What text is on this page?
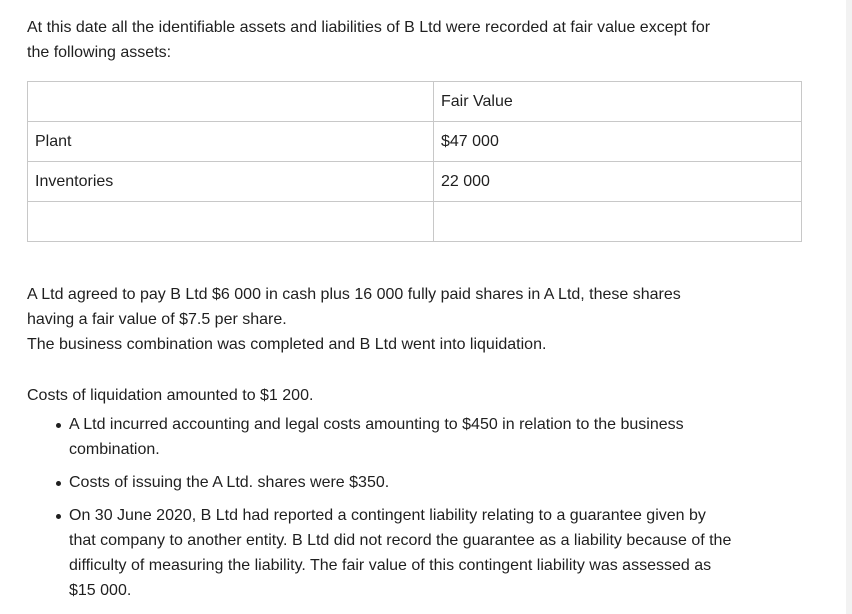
At this date all the identifiable assets and liabilities of B Ltd were recorded at fair value except for
the following assets:

	Fair Value
Plant	$47 000
Inventories	22 000

A Ltd agreed to pay B Ltd $6 000 in cash plus 16 000 fully paid shares in A Ltd, these shares
having a fair value of $7.5 per share.

The business combination was completed and B Ltd went into liquidation.

Costs of liquidation amounted to $1 200.

A Ltd incurred accounting and legal costs amounting to $450 in relation to the business
combination.
Costs of issuing the A Ltd. shares were $350.
On 30 June 2020, B Ltd had reported a contingent liability relating to a guarantee given by
that company to another entity. B Ltd did not record the guarantee as a liability because of the
difficulty of measuring the liability. The fair value of this contingent liability was assessed as
$15 000.
